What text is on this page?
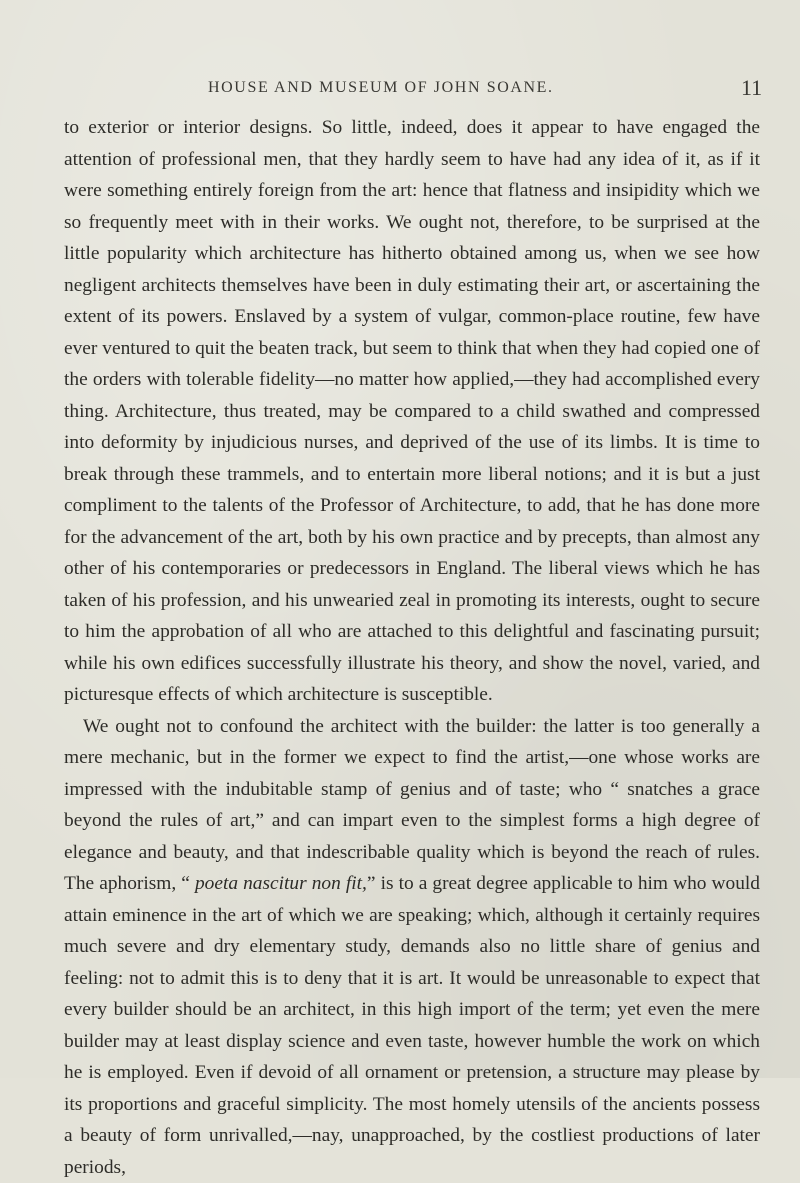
HOUSE AND MUSEUM OF JOHN SOANE.	11

to exterior or interior designs. So little, indeed, does it appear to have engaged the attention of professional men, that they hardly seem to have had any idea of it, as if it were something entirely foreign from the art: hence that flatness and insipidity which we so frequently meet with in their works. We ought not, therefore, to be surprised at the little popularity which architecture has hitherto obtained among us, when we see how negligent architects themselves have been in duly estimating their art, or ascertaining the extent of its powers. Enslaved by a system of vulgar, common-place routine, few have ever ventured to quit the beaten track, but seem to think that when they had copied one of the orders with tolerable fidelity—no matter how applied,—they had accomplished every thing. Architecture, thus treated, may be compared to a child swathed and compressed into deformity by injudicious nurses, and deprived of the use of its limbs. It is time to break through these trammels, and to entertain more liberal notions; and it is but a just compliment to the talents of the Professor of Architecture, to add, that he has done more for the advancement of the art, both by his own practice and by precepts, than almost any other of his contemporaries or predecessors in England. The liberal views which he has taken of his profession, and his unwearied zeal in promoting its interests, ought to secure to him the approbation of all who are attached to this delightful and fascinating pursuit; while his own edifices successfully illustrate his theory, and show the novel, varied, and picturesque effects of which architecture is susceptible.

We ought not to confound the architect with the builder: the latter is too generally a mere mechanic, but in the former we expect to find the artist,—one whose works are impressed with the indubitable stamp of genius and of taste; who “ snatches a grace beyond the rules of art,” and can impart even to the simplest forms a high degree of elegance and beauty, and that indescribable quality which is beyond the reach of rules. The aphorism, “ poeta nascitur non fit,” is to a great degree applicable to him who would attain eminence in the art of which we are speaking; which, although it certainly requires much severe and dry elementary study, demands also no little share of genius and feeling: not to admit this is to deny that it is art. It would be unreasonable to expect that every builder should be an architect, in this high import of the term; yet even the mere builder may at least display science and even taste, however humble the work on which he is employed. Even if devoid of all ornament or pretension, a structure may please by its proportions and graceful simplicity. The most homely utensils of the ancients possess a beauty of form unrivalled,—nay, unapproached, by the costliest productions of later periods,
